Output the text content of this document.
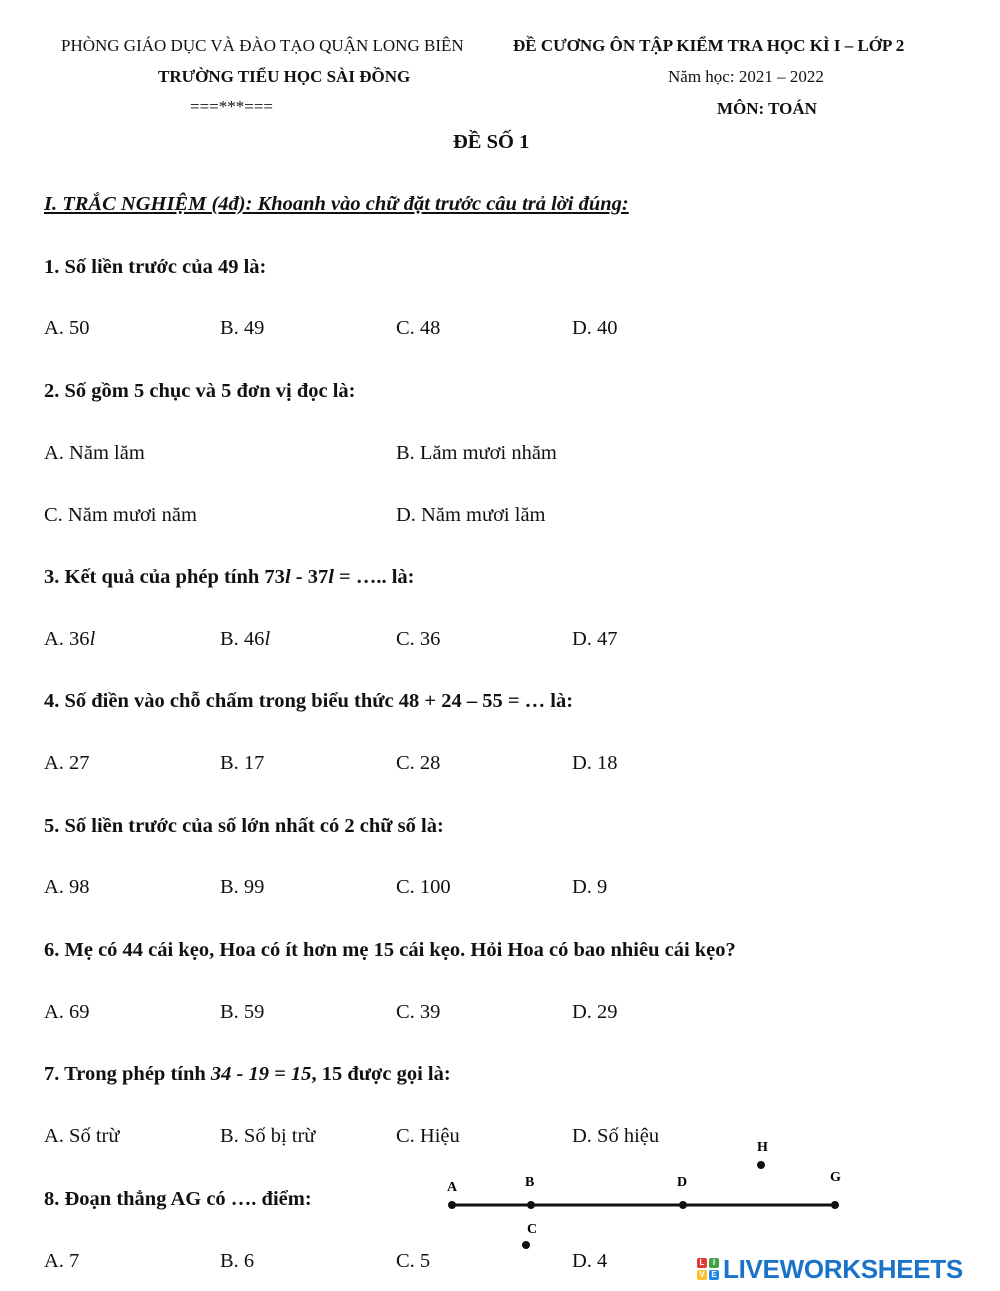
PHÒNG GIÁO DỤC VÀ ĐÀO TẠO QUẬN LONG BIÊN
TRƯỜNG TIỂU HỌC SÀI ĐỒNG
===***===
ĐỀ CƯƠNG ÔN TẬP KIỂM TRA HỌC KÌ I – LỚP 2
Năm học: 2021 – 2022
MÔN: TOÁN
ĐỀ SỐ 1
I. TRẮC NGHIỆM (4đ): Khoanh vào chữ đặt trước câu trả lời đúng:
1. Số liền trước của 49 là:
A. 50	B. 49	C. 48	D. 40
2. Số gồm 5 chục và 5 đơn vị đọc là:
A. Năm lăm	B. Lăm mươi nhăm
C. Năm mươi năm	D. Năm mươi lăm
3. Kết quả của phép tính 73l - 37l = ….. là:
A. 36l	B. 46l	C. 36	D. 47
4. Số điền vào chỗ chấm trong biểu thức 48 + 24 – 55 = … là:
A. 27	B. 17	C. 28	D. 18
5. Số liền trước của số lớn nhất có 2 chữ số là:
A. 98	B. 99	C. 100	D. 9
6. Mẹ có 44 cái kẹo, Hoa có ít hơn mẹ 15 cái kẹo. Hỏi Hoa có bao nhiêu cái kẹo?
A. 69	B. 59	C. 39	D. 29
7. Trong phép tính 34 - 19 = 15, 15 được gọi là:
A. Số trừ	B. Số bị trừ	C. Hiệu	D. Số hiệu
8. Đoạn thẳng AG có …. điểm:
A. 7	B. 6	C. 5	D. 4
A	B
C
D
H
G
L	I
V E LIVEWORKSHEETS
